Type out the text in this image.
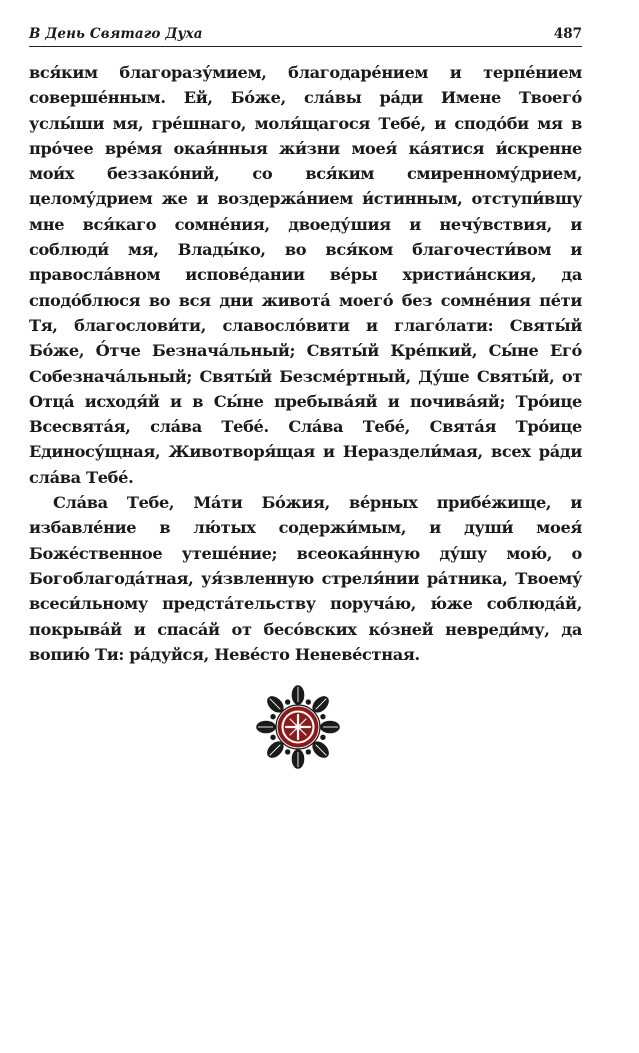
В День Святаго Духа	487

вся́ким благоразу́мием, благодаре́нием и терпе́нием соверше́нным. Ей, Бо́же, сла́вы ра́ди Имене Твоего́ услы́ши мя, гре́шнаго, моля́щагося Тебе́, и сподо́би мя в про́чее вре́мя окая́нныя жи́зни моея́ ка́ятися и́скренне мои́х беззако́ний, со вся́ким смиренному́дрием, целому́дрием же и воздержа́нием и́стинным, отступи́вшу мне вся́каго сомне́ния, двоеду́шия и нечу́вствия, и соблюди́ мя, Влады́ко, во вся́ком благочести́вом и правосла́вном испове́дании ве́ры христиа́нския, да сподо́блюся во вся дни живота́ моего́ без сомне́ния пе́ти Тя, благослови́ти, славосло́вити и глаго́лати: Святы́й Бо́же, О́тче Безнача́льный; Святы́й Кре́пкий, Сы́не Его́ Собезнача́льный; Святы́й Безсме́ртный, Ду́ше Святы́й, от Отца́ исходя́й и в Сы́не пребыва́яй и почива́яй; Тро́ице Всесвята́я, сла́ва Тебе́. Сла́ва Тебе́, Свята́я Тро́ице Единосу́щная, Животворя́щая и Нераздели́мая, всех ра́ди сла́ва Тебе́.

Сла́ва Тебе, Ма́ти Бо́жия, ве́рных прибе́жище, и избавле́ние в лю́тых содержи́мым, и души́ моея́ Боже́ственное утеше́ние; всеокая́нную ду́шу мою́, о Богоблагода́тная, уя́звленную стреля́нии ра́тника, Твоему́ всеси́льному предста́тельству поруча́ю, ю́же соблюда́й, покрыва́й и спаса́й от бесо́вских ко́зней невреди́му, да вопию́ Ти: ра́дуйся, Неве́сто Неневе́стная.
